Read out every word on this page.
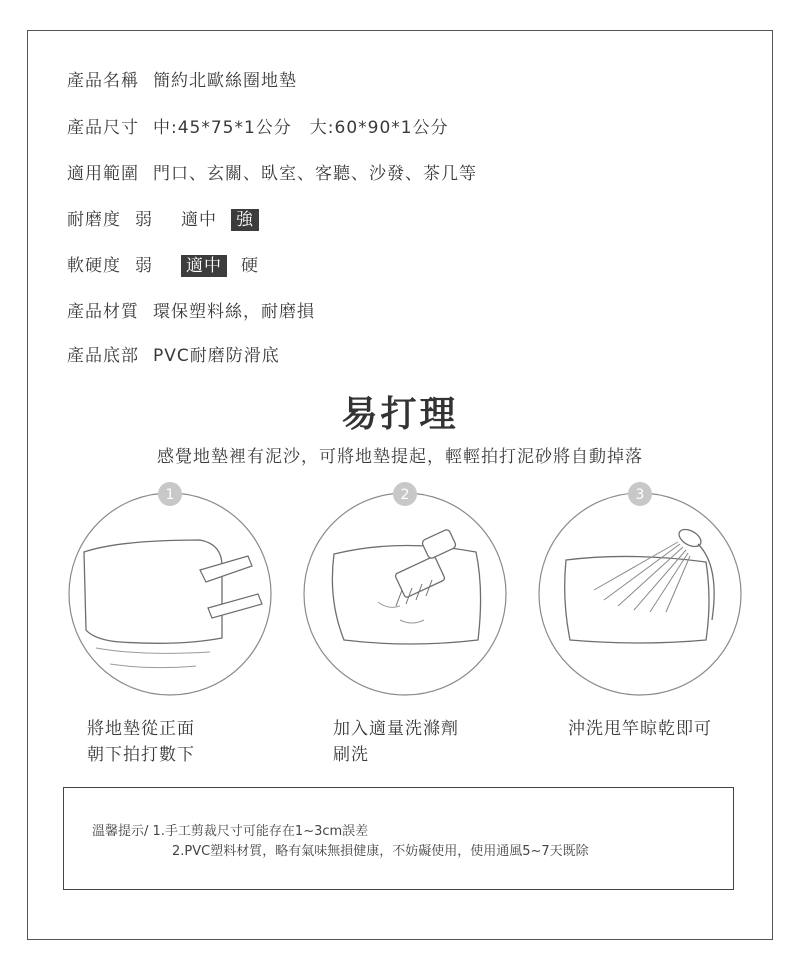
產品名稱 簡約北歐絲圈地墊
產品尺寸 中:45*75*1公分　大:60*90*1公分
適用範圍 門口、玄關、臥室、客聽、沙發、茶几等
耐磨度 弱 適中 強
軟硬度 弱 適中 硬
產品材質 環保塑料絲，耐磨損
產品底部 PVC耐磨防滑底
易打理
感覺地墊裡有泥沙，可將地墊提起，輕輕拍打泥砂將自動掉落
1	2	3
將地墊從正面
朝下拍打數下
加入適量洗滌劑
刷洗
沖洗甩竿晾乾即可
溫馨提示/ 1.手工剪裁尺寸可能存在1~3cm誤差
2.PVC塑料材質，略有氣味無損健康，不妨礙使用，使用通風5~7天既除
